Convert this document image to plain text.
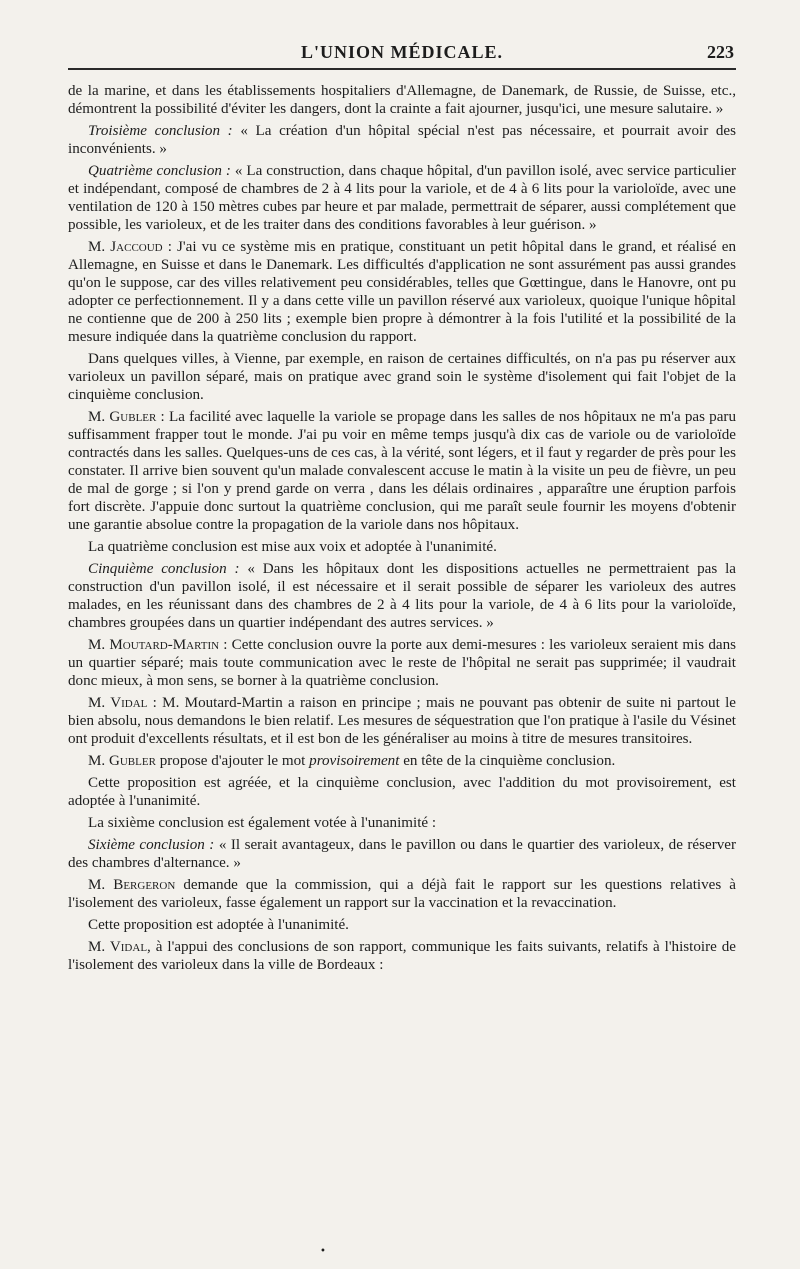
L'UNION MÉDICALE.	223

de la marine, et dans les établissements hospitaliers d'Allemagne, de Danemark, de Russie, de Suisse, etc., démontrent la possibilité d'éviter les dangers, dont la crainte a fait ajourner, jusqu'ici, une mesure salutaire. »

Troisième conclusion : « La création d'un hôpital spécial n'est pas nécessaire, et pourrait avoir des inconvénients. »

Quatrième conclusion : « La construction, dans chaque hôpital, d'un pavillon isolé, avec service particulier et indépendant, composé de chambres de 2 à 4 lits pour la variole, et de 4 à 6 lits pour la varioloïde, avec une ventilation de 120 à 150 mètres cubes par heure et par malade, permettrait de séparer, aussi complétement que possible, les varioleux, et de les traiter dans des conditions favorables à leur guérison. »

M. Jaccoud : J'ai vu ce système mis en pratique, constituant un petit hôpital dans le grand, et réalisé en Allemagne, en Suisse et dans le Danemark. Les difficultés d'application ne sont assurément pas aussi grandes qu'on le suppose, car des villes relativement peu considérables, telles que Gœttingue, dans le Hanovre, ont pu adopter ce perfectionnement. Il y a dans cette ville un pavillon réservé aux varioleux, quoique l'unique hôpital ne contienne que de 200 à 250 lits ; exemple bien propre à démontrer à la fois l'utilité et la possibilité de la mesure indiquée dans la quatrième conclusion du rapport.

Dans quelques villes, à Vienne, par exemple, en raison de certaines difficultés, on n'a pas pu réserver aux varioleux un pavillon séparé, mais on pratique avec grand soin le système d'isolement qui fait l'objet de la cinquième conclusion.

M. Gubler : La facilité avec laquelle la variole se propage dans les salles de nos hôpitaux ne m'a pas paru suffisamment frapper tout le monde. J'ai pu voir en même temps jusqu'à dix cas de variole ou de varioloïde contractés dans les salles. Quelques-uns de ces cas, à la vérité, sont légers, et il faut y regarder de près pour les constater. Il arrive bien souvent qu'un malade convalescent accuse le matin à la visite un peu de fièvre, un peu de mal de gorge ; si l'on y prend garde on verra , dans les délais ordinaires , apparaître une éruption parfois fort discrète. J'appuie donc surtout la quatrième conclusion, qui me paraît seule fournir les moyens d'obtenir une garantie absolue contre la propagation de la variole dans nos hôpitaux.

La quatrième conclusion est mise aux voix et adoptée à l'unanimité.

Cinquième conclusion : « Dans les hôpitaux dont les dispositions actuelles ne permettraient pas la construction d'un pavillon isolé, il est nécessaire et il serait possible de séparer les varioleux des autres malades, en les réunissant dans des chambres de 2 à 4 lits pour la variole, de 4 à 6 lits pour la varioloïde, chambres groupées dans un quartier indépendant des autres services. »

M. Moutard-Martin : Cette conclusion ouvre la porte aux demi-mesures : les varioleux seraient mis dans un quartier séparé; mais toute communication avec le reste de l'hôpital ne serait pas supprimée; il vaudrait donc mieux, à mon sens, se borner à la quatrième conclusion.

M. Vidal : M. Moutard-Martin a raison en principe ; mais ne pouvant pas obtenir de suite ni partout le bien absolu, nous demandons le bien relatif. Les mesures de séquestration que l'on pratique à l'asile du Vésinet ont produit d'excellents résultats, et il est bon de les généraliser au moins à titre de mesures transitoires.

M. Gubler propose d'ajouter le mot provisoirement en tête de la cinquième conclusion.

Cette proposition est agréée, et la cinquième conclusion, avec l'addition du mot provisoirement, est adoptée à l'unanimité.

La sixième conclusion est également votée à l'unanimité :

Sixième conclusion : « Il serait avantageux, dans le pavillon ou dans le quartier des varioleux, de réserver des chambres d'alternance. »

M. Bergeron demande que la commission, qui a déjà fait le rapport sur les questions relatives à l'isolement des varioleux, fasse également un rapport sur la vaccination et la revaccination.

Cette proposition est adoptée à l'unanimité.

M. Vidal, à l'appui des conclusions de son rapport, communique les faits suivants, relatifs à l'histoire de l'isolement des varioleux dans la ville de Bordeaux :

•
